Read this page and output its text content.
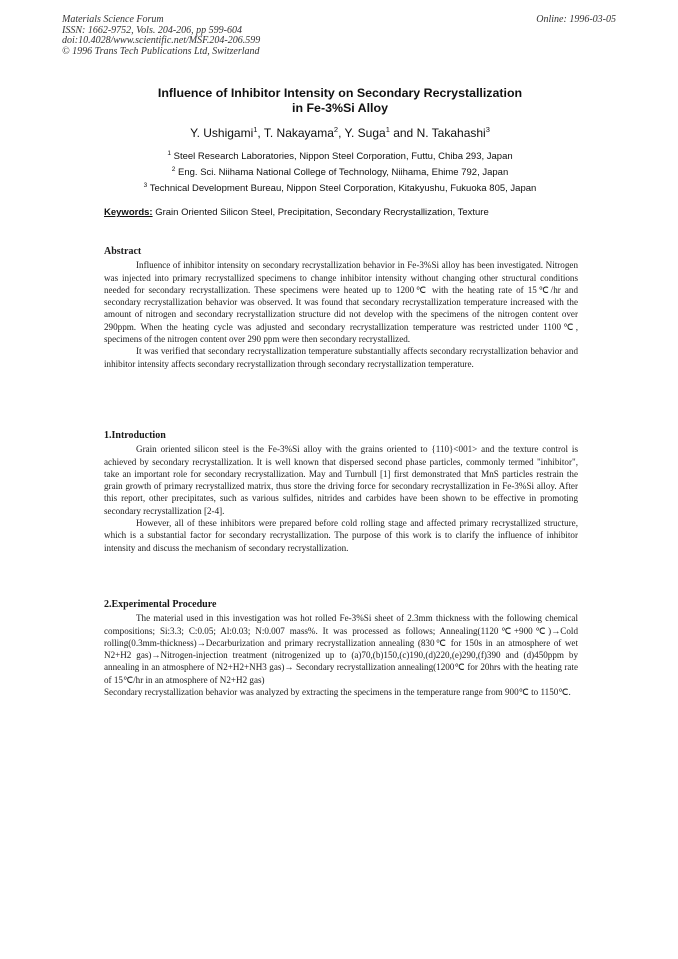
Materials Science Forum
ISSN: 1662-9752, Vols. 204-206, pp 599-604
doi:10.4028/www.scientific.net/MSF.204-206.599
© 1996 Trans Tech Publications Ltd, Switzerland
Online: 1996-03-05
Influence of Inhibitor Intensity on Secondary Recrystallization
in Fe-3%Si Alloy
Y. Ushigami$^1$, T. Nakayama$^2$, Y. Suga$^1$ and N. Takahashi$^3$
$^1$ Steel Research Laboratories, Nippon Steel Corporation, Futtu, Chiba 293, Japan
$^2$ Eng. Sci. Niihama National College of Technology, Niihama, Ehime 792, Japan
$^3$ Technical Development Bureau, Nippon Steel Corporation, Kitakyushu, Fukuoka 805, Japan
Keywords: Grain Oriented Silicon Steel, Precipitation, Secondary Recrystallization, Texture
Abstract

Influence of inhibitor intensity on secondary recrystallization behavior in Fe-3%Si alloy has been investigated. Nitrogen was injected into primary recrystallized specimens to change inhibitor intensity without changing other structural conditions needed for secondary recrystallization. These specimens were heated up to 1200℃ with the heating rate of 15℃/hr and secondary recrystallization behavior was observed. It was found that secondary recrystallization temperature increased with the amount of nitrogen and secondary recrystallization structure did not develop with the specimens of the nitrogen content over 290ppm. When the heating cycle was adjusted and secondary recrystallization temperature was restricted under 1100℃, specimens of the nitrogen content over 290 ppm were then secondary recrystallized.

It was verified that secondary recrystallization temperature substantially affects secondary recrystallization behavior and inhibitor intensity affects secondary recrystallization through secondary recrystallization temperature.

1.Introduction

Grain oriented silicon steel is the Fe-3%Si alloy with the grains oriented to {110}<001> and the texture control is achieved by secondary recrystallization. It is well known that dispersed second phase particles, commonly termed "inhibitor", take an important role for secondary recrystallization. May and Turnbull [1] first demonstrated that MnS particles restrain the grain growth of primary recrystallized matrix, thus store the driving force for secondary recrystallization in Fe-3%Si alloy. After this report, other precipitates, such as various sulfides, nitrides and carbides have been shown to be effective in promoting secondary recrystallization [2-4].

However, all of these inhibitors were prepared before cold rolling stage and affected primary recrystallized structure, which is a substantial factor for secondary recrystallization. The purpose of this work is to clarify the influence of inhibitor intensity and discuss the mechanism of secondary recrystallization.

2.Experimental Procedure

The material used in this investigation was hot rolled Fe-3%Si sheet of 2.3mm thickness with the following chemical compositions; Si:3.3; C:0.05; Al:0.03; N:0.007 mass%. It was processed as follows; Annealing(1120℃+900℃)→Cold rolling(0.3mm-thickness)→Decarburization and primary recrystallization annealing (830℃ for 150s in an atmosphere of wet N2+H2 gas)→Nitrogen-injection treatment (nitrogenized up to (a)70,(b)150,(c)190,(d)220,(e)290,(f)390 and (d)450ppm by annealing in an atmosphere of N2+H2+NH3 gas)→ Secondary recrystallization annealing(1200℃ for 20hrs with the heating rate of 15℃/hr in an atmosphere of N2+H2 gas)

Secondary recrystallization behavior was analyzed by extracting the specimens in the temperature range from 900℃ to 1150℃.
